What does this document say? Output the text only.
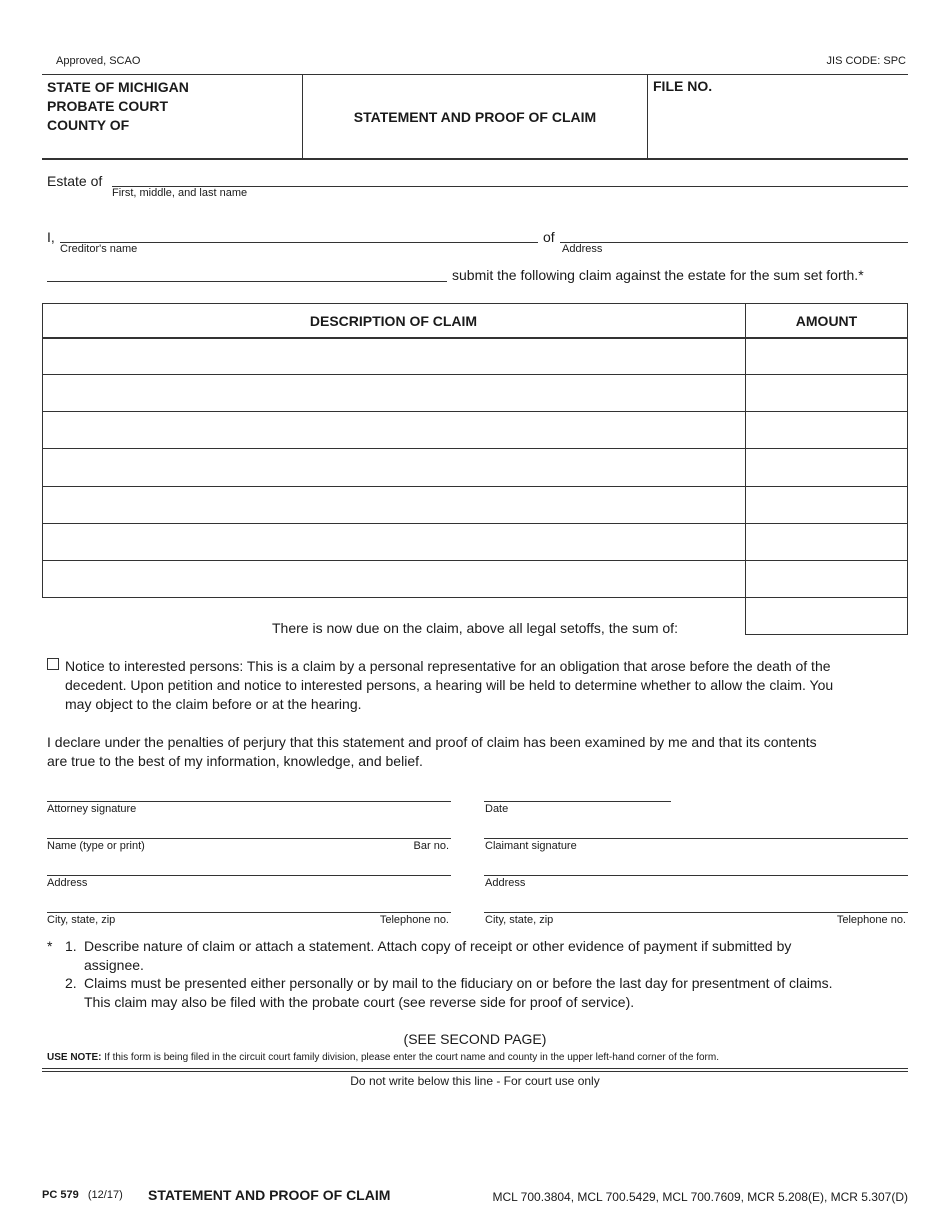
Approved, SCAO	JIS CODE: SPC
STATE OF MICHIGAN
PROBATE COURT
COUNTY OF	STATEMENT AND PROOF OF CLAIM
FILE NO.
Estate of
First, middle, and last name
I,
Creditor's name
of
Address
submit the following claim against the estate for the sum set forth.*
DESCRIPTION OF CLAIM	AMOUNT
There is now due on the claim, above all legal setoffs, the sum of:
Notice to interested persons: This is a claim by a personal representative for an obligation that arose before the death of the
decedent. Upon petition and notice to interested persons, a hearing will be held to determine whether to allow the claim. You
may object to the claim before or at the hearing.
I declare under the penalties of perjury that this statement and proof of claim has been examined by me and that its contents
are true to the best of my information, knowledge, and belief.
Attorney signature	Date
Name (type or print)	Bar no.	Claimant signature
Address	Address
City, state, zip	Telephone no.	City, state, zip	Telephone no.
* 1. Describe nature of claim or attach a statement. Attach copy of receipt or other evidence of payment if submitted by
assignee.
2. Claims must be presented either personally or by mail to the fiduciary on or before the last day for presentment of claims.
This claim may also be filed with the probate court (see reverse side for proof of service).
(SEE SECOND PAGE)
USE NOTE: If this form is being filed in the circuit court family division, please enter the court name and county in the upper left-hand corner of the form.
Do not write below this line - For court use only
PC 579 (12/17) STATEMENT AND PROOF OF CLAIM	MCL 700.3804, MCL 700.5429, MCL 700.7609, MCR 5.208(E), MCR 5.307(D)
